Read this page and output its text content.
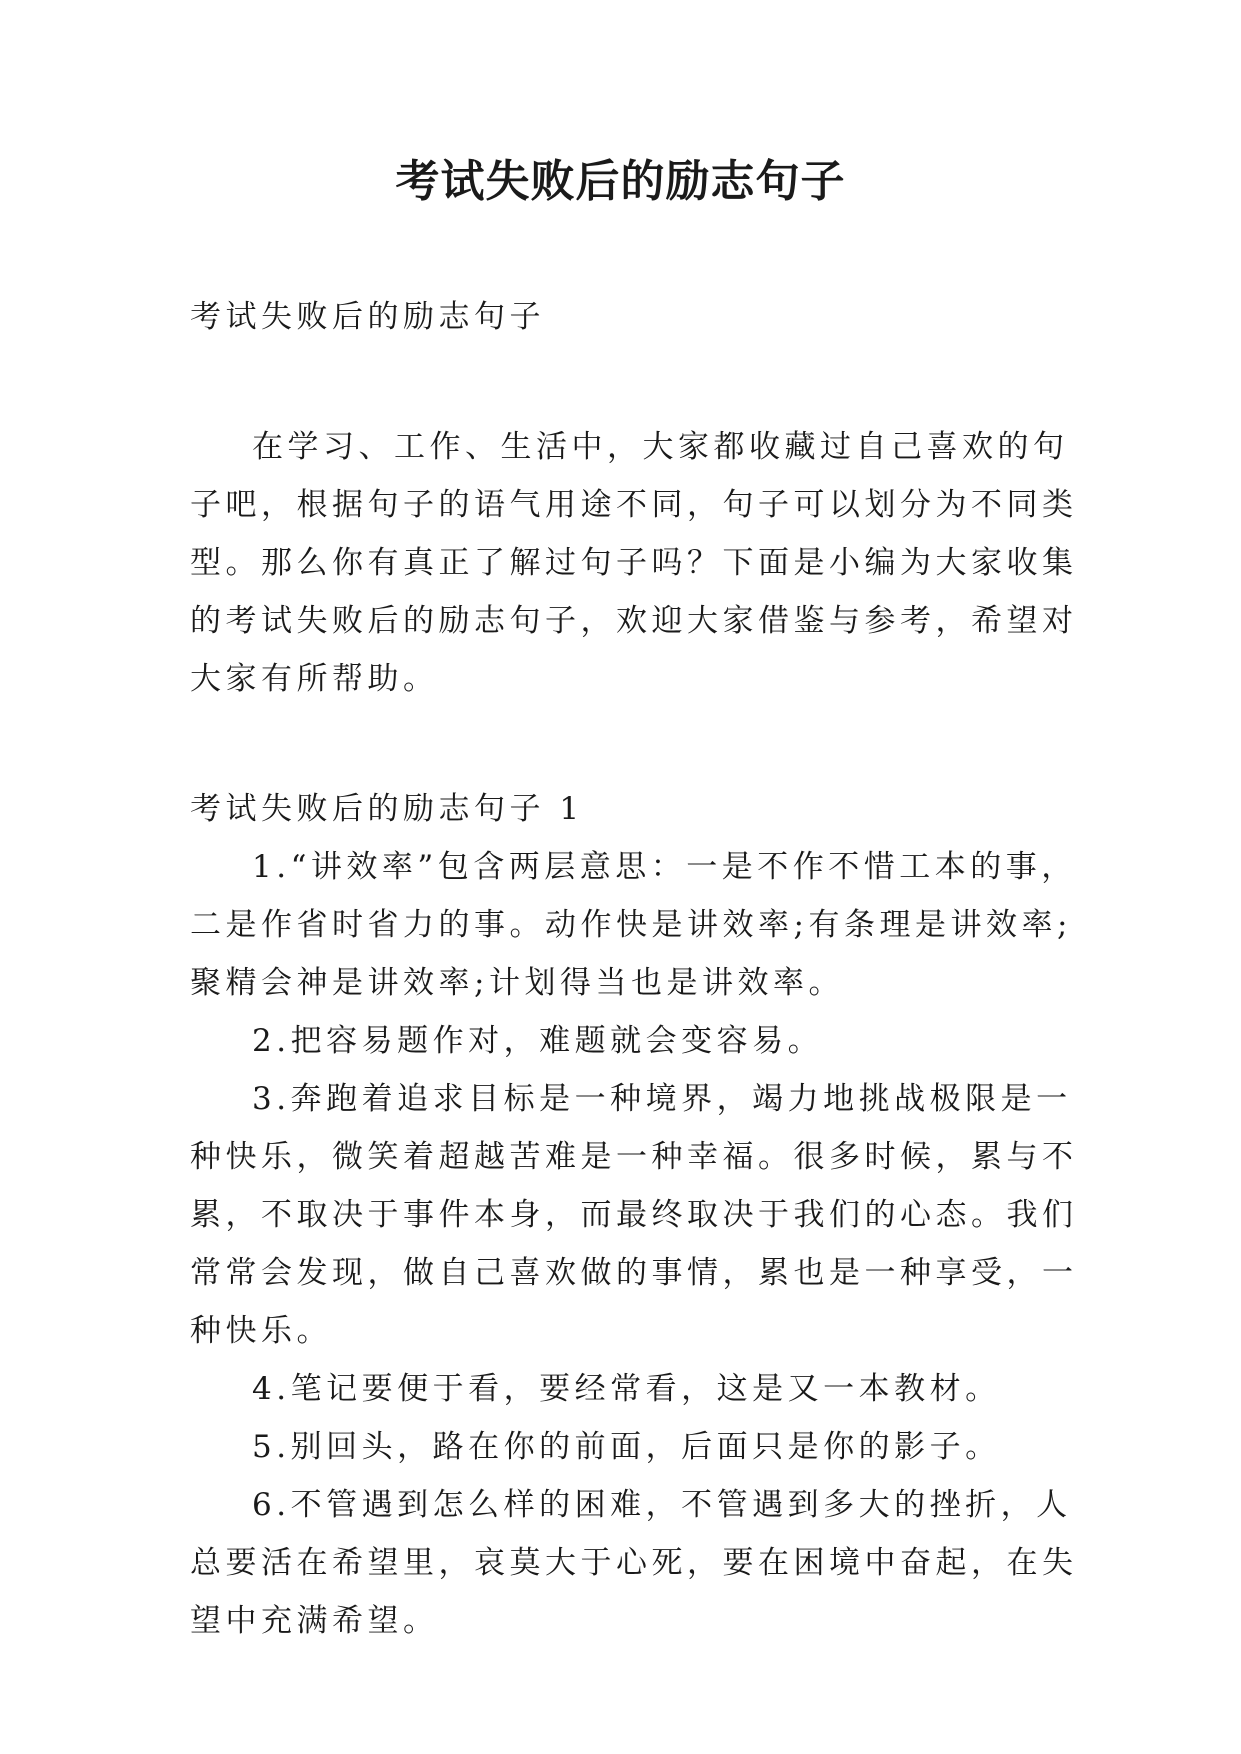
考试失败后的励志句子

考试失败后的励志句子

在学习、工作、生活中，大家都收藏过自己喜欢的句子吧，根据句子的语气用途不同，句子可以划分为不同类型。那么你有真正了解过句子吗？下面是小编为大家收集的考试失败后的励志句子，欢迎大家借鉴与参考，希望对大家有所帮助。

考试失败后的励志句子 1

1.“讲效率”包含两层意思：一是不作不惜工本的事，二是作省时省力的事。动作快是讲效率;有条理是讲效率;聚精会神是讲效率;计划得当也是讲效率。
2.把容易题作对，难题就会变容易。
3.奔跑着追求目标是一种境界，竭力地挑战极限是一种快乐，微笑着超越苦难是一种幸福。很多时候，累与不累，不取决于事件本身，而最终取决于我们的心态。我们常常会发现，做自己喜欢做的事情，累也是一种享受，一种快乐。
4.笔记要便于看，要经常看，这是又一本教材。
5.别回头，路在你的前面，后面只是你的影子。
6.不管遇到怎么样的困难，不管遇到多大的挫折，人总要活在希望里，哀莫大于心死，要在困境中奋起，在失望中充满希望。
